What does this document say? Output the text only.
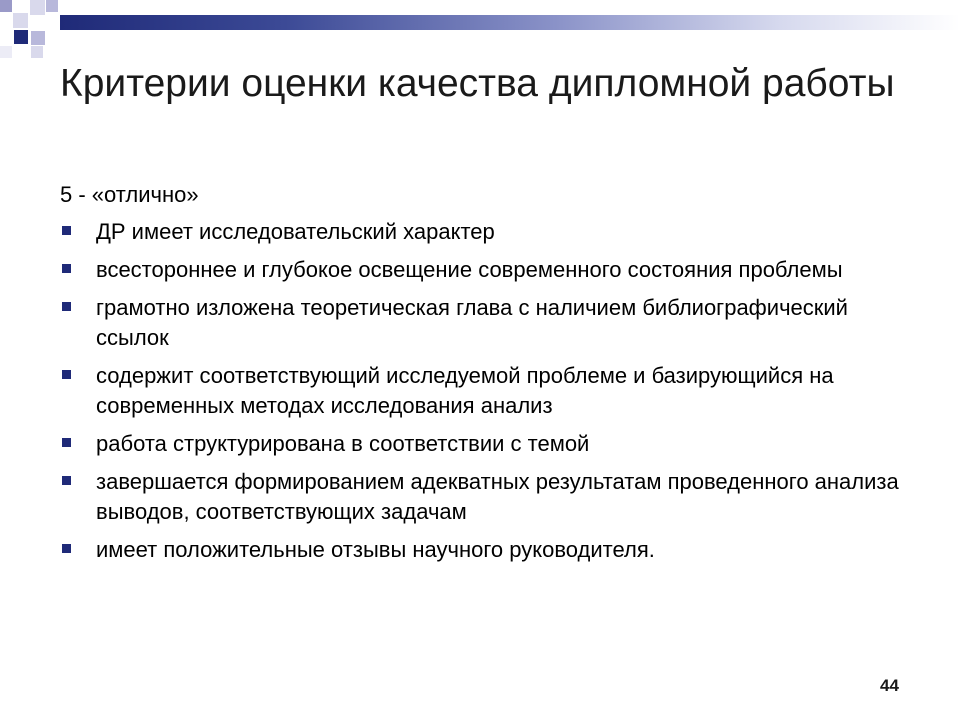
Критерии оценки качества дипломной работы

5 - «отлично»

ДР имеет исследовательский характер
всестороннее и глубокое освещение современного состояния проблемы
грамотно изложена теоретическая глава с наличием библиографический ссылок
содержит соответствующий исследуемой проблеме и базирующийся на современных методах исследования анализ
работа структурирована в соответствии с темой
завершается формированием адекватных результатам проведенного анализа выводов, соответствующих задачам
имеет положительные отзывы научного руководителя.
44
